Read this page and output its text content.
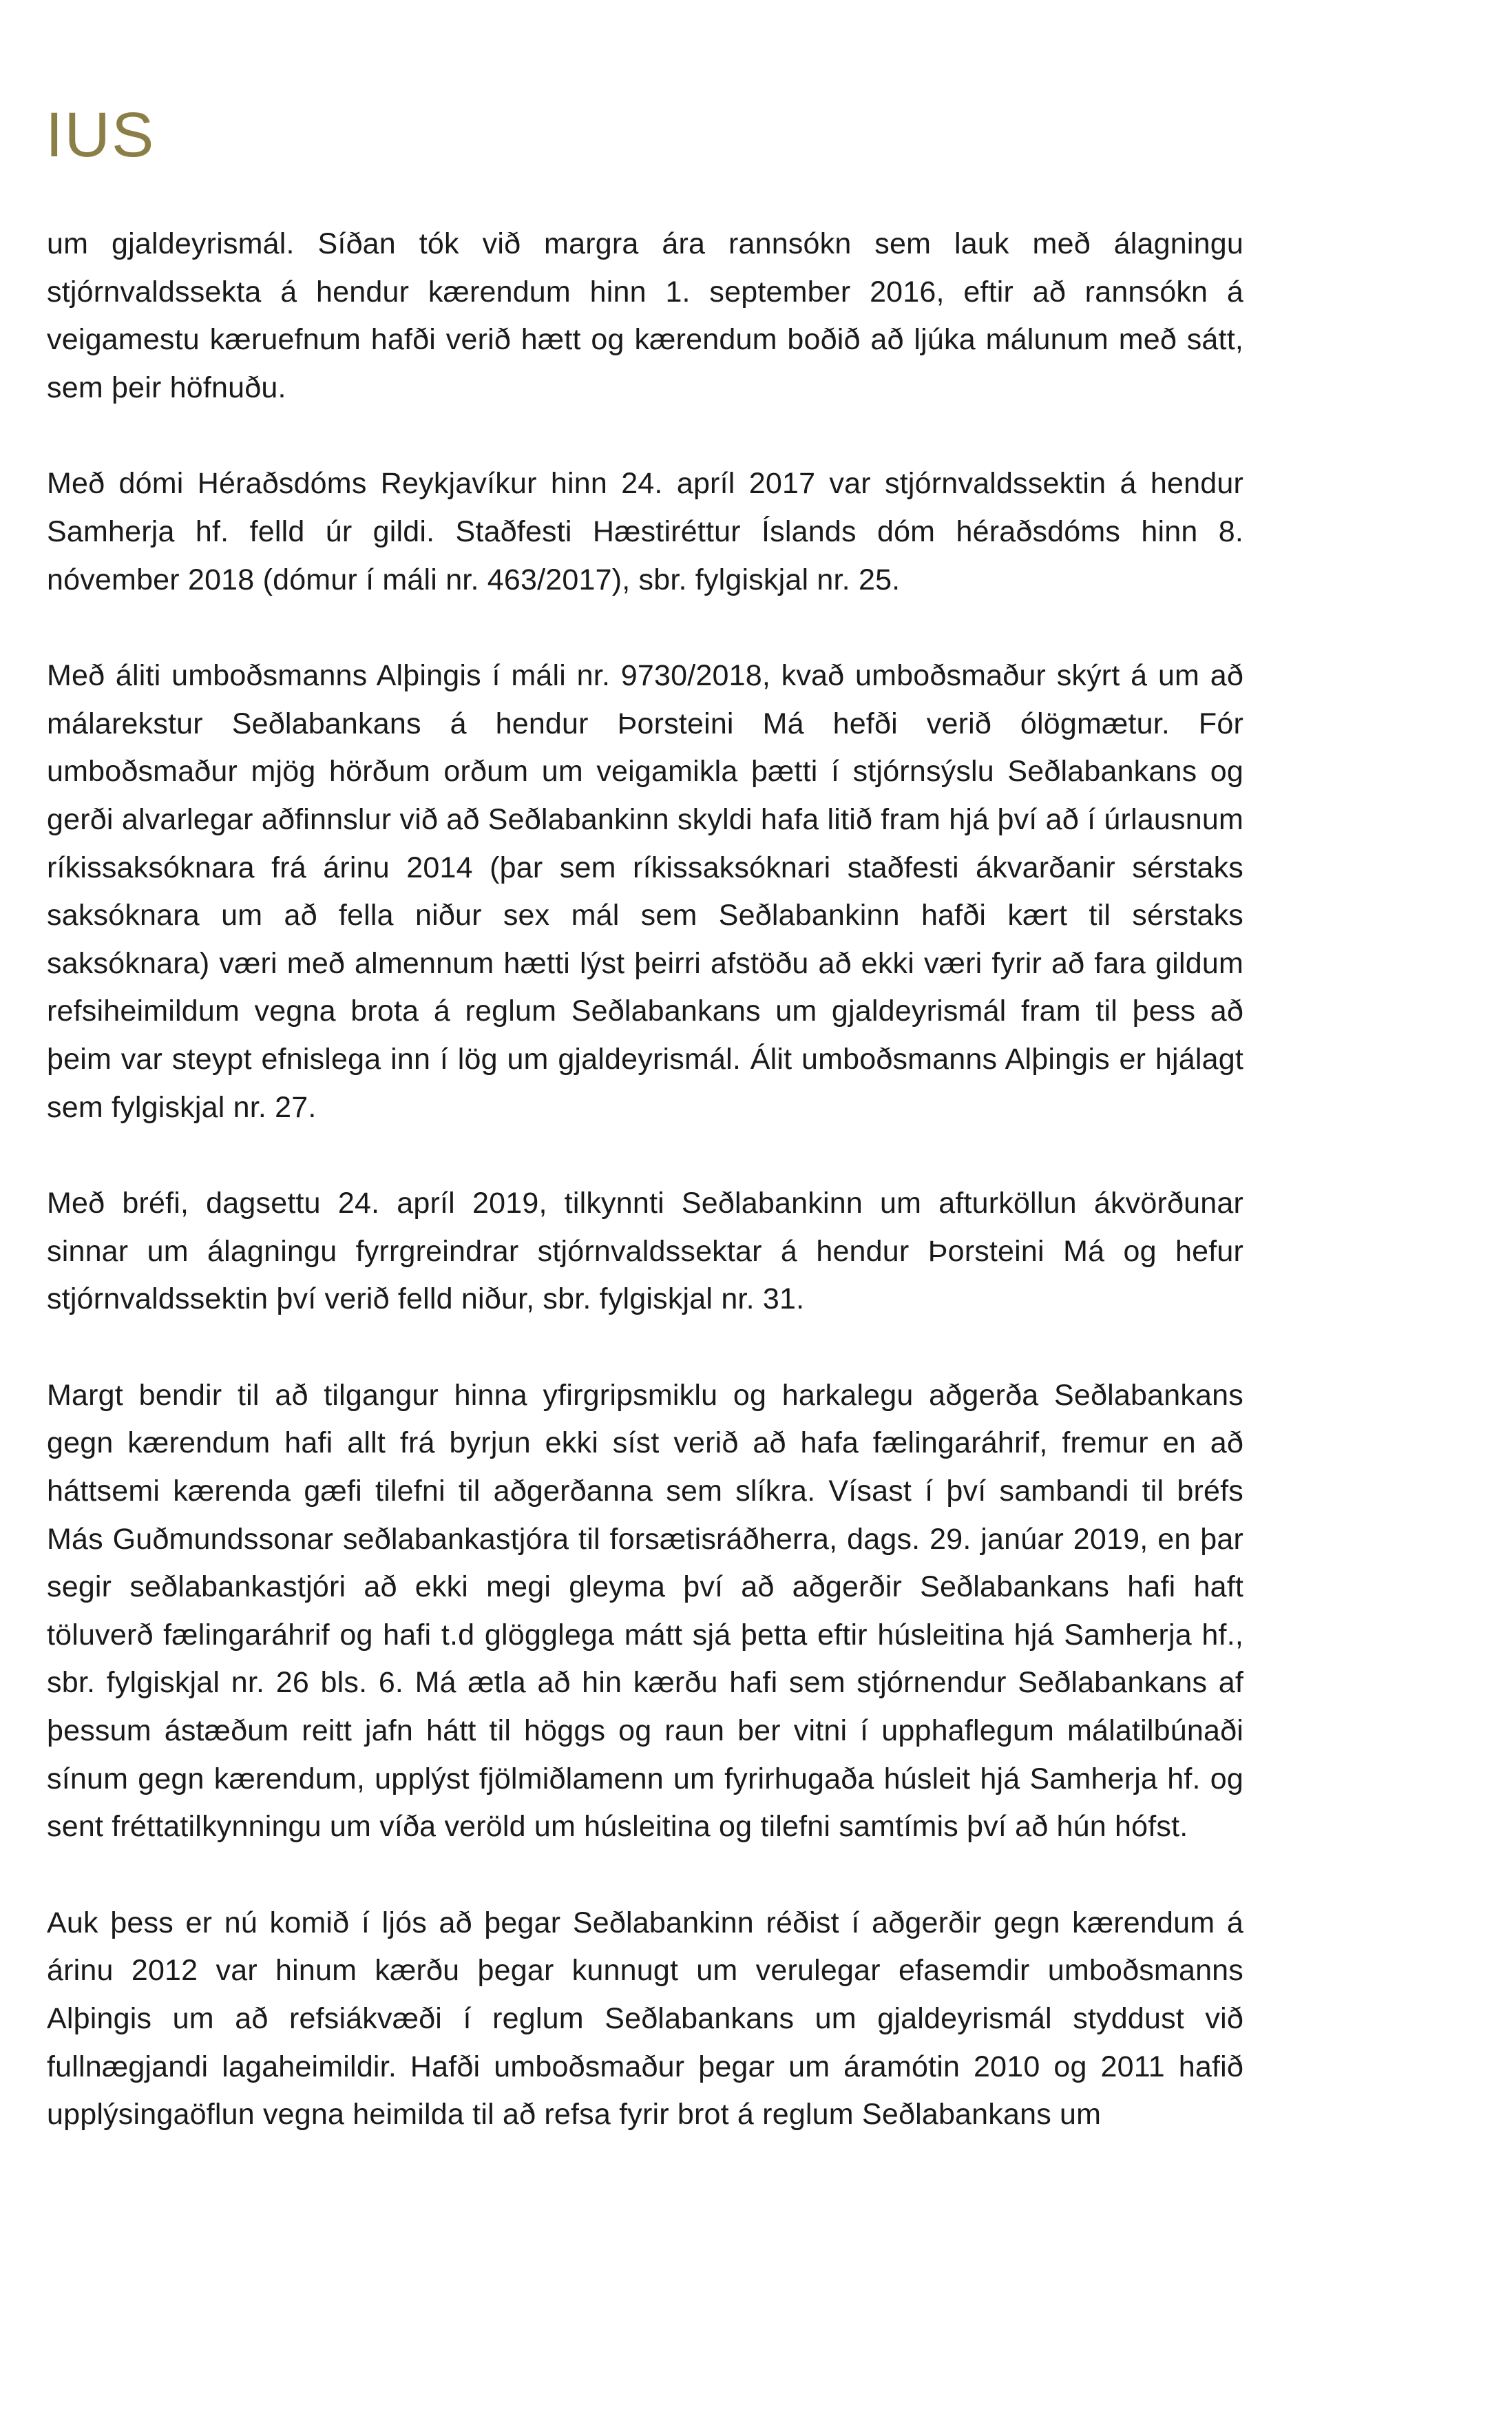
IUS

um gjaldeyrismál. Síðan tók við margra ára rannsókn sem lauk með álagningu stjórnvaldssekta á hendur kærendum hinn 1. september 2016, eftir að rannsókn á veigamestu kæruefnum hafði verið hætt og kærendum boðið að ljúka málunum með sátt, sem þeir höfnuðu.

Með dómi Héraðsdóms Reykjavíkur hinn 24. apríl 2017 var stjórnvaldssektin á hendur Samherja hf. felld úr gildi. Staðfesti Hæstiréttur Íslands dóm héraðsdóms hinn 8. nóvember 2018 (dómur í máli nr. 463/2017), sbr. fylgiskjal nr. 25.

Með áliti umboðsmanns Alþingis í máli nr. 9730/2018, kvað umboðsmaður skýrt á um að málarekstur Seðlabankans á hendur Þorsteini Má hefði verið ólögmætur. Fór umboðsmaður mjög hörðum orðum um veigamikla þætti í stjórnsýslu Seðlabankans og gerði alvarlegar aðfinnslur við að Seðlabankinn skyldi hafa litið fram hjá því að í úrlausnum ríkissaksóknara frá árinu 2014 (þar sem ríkissaksóknari staðfesti ákvarðanir sérstaks saksóknara um að fella niður sex mál sem Seðlabankinn hafði kært til sérstaks saksóknara) væri með almennum hætti lýst þeirri afstöðu að ekki væri fyrir að fara gildum refsiheimildum vegna brota á reglum Seðlabankans um gjaldeyrismál fram til þess að þeim var steypt efnislega inn í lög um gjaldeyrismál. Álit umboðsmanns Alþingis er hjálagt sem fylgiskjal nr. 27.

Með bréfi, dagsettu 24. apríl 2019, tilkynnti Seðlabankinn um afturköllun ákvörðunar sinnar um álagningu fyrrgreindrar stjórnvaldssektar á hendur Þorsteini Má og hefur stjórnvaldssektin því verið felld niður, sbr. fylgiskjal nr. 31.

Margt bendir til að tilgangur hinna yfirgripsmiklu og harkalegu aðgerða Seðlabankans gegn kærendum hafi allt frá byrjun ekki síst verið að hafa fælingaráhrif, fremur en að háttsemi kærenda gæfi tilefni til aðgerðanna sem slíkra. Vísast í því sambandi til bréfs Más Guðmundssonar seðlabankastjóra til forsætisráðherra, dags. 29. janúar 2019, en þar segir seðlabankastjóri að ekki megi gleyma því að aðgerðir Seðlabankans hafi haft töluverð fælingaráhrif og hafi t.d glögglega mátt sjá þetta eftir húsleitina hjá Samherja hf., sbr. fylgiskjal nr. 26 bls. 6. Má ætla að hin kærðu hafi sem stjórnendur Seðlabankans af þessum ástæðum reitt jafn hátt til höggs og raun ber vitni í upphaflegum málatilbúnaði sínum gegn kærendum, upplýst fjölmiðlamenn um fyrirhugaða húsleit hjá Samherja hf. og sent fréttatilkynningu um víða veröld um húsleitina og tilefni samtímis því að hún hófst.

Auk þess er nú komið í ljós að þegar Seðlabankinn réðist í aðgerðir gegn kærendum á árinu 2012 var hinum kærðu þegar kunnugt um verulegar efasemdir umboðsmanns Alþingis um að refsiákvæði í reglum Seðlabankans um gjaldeyrismál styddust við fullnægjandi lagaheimildir. Hafði umboðsmaður þegar um áramótin 2010 og 2011 hafið upplýsingaöflun vegna heimilda til að refsa fyrir brot á reglum Seðlabankans um
